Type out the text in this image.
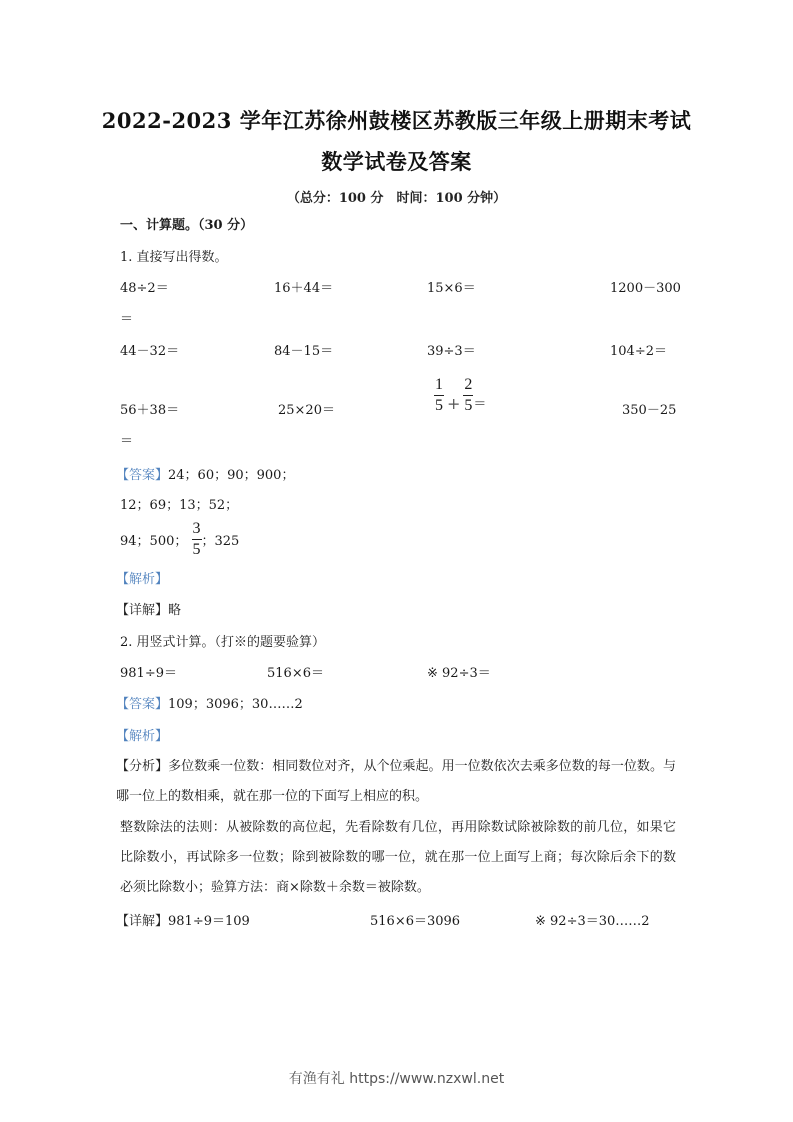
2022-2023 学年江苏徐州鼓楼区苏教版三年级上册期末考试
数学试卷及答案
（总分：100 分　时间：100 分钟）
一、计算题。（30 分）
1. 直接写出得数。
48÷2＝	16＋44＝	15×6＝	1200－300
＝
44－32＝	84－15＝	39÷3＝	104÷2＝
56＋38＝	25×20＝	$\frac{1}{5} + \frac{2}{5}$ ＝	350－25
＝
【答案】24；60；90；900；
12；69；13；52；
94；500； $\frac{3}{5}$ ；325
【解析】
【详解】略
2. 用竖式计算。（打※的题要验算）
981÷9＝	516×6＝	※ 92÷3＝
【答案】109；3096；30……2
【解析】
【分析】多位数乘一位数：相同数位对齐，从个位乘起。用一位数依次去乘多位数的每一位数。与哪一位上的数相乘，就在那一位的下面写上相应的积。
整数除法的法则：从被除数的高位起，先看除数有几位，再用除数试除被除数的前几位，如果它比除数小，再试除多一位数；除到被除数的哪一位，就在那一位上面写上商；每次除后余下的数必须比除数小；验算方法：商×除数＋余数＝被除数。
【详解】981÷9＝109	516×6＝3096	※ 92÷3＝30……2
有渔有礼 https://www.nzxwl.net
